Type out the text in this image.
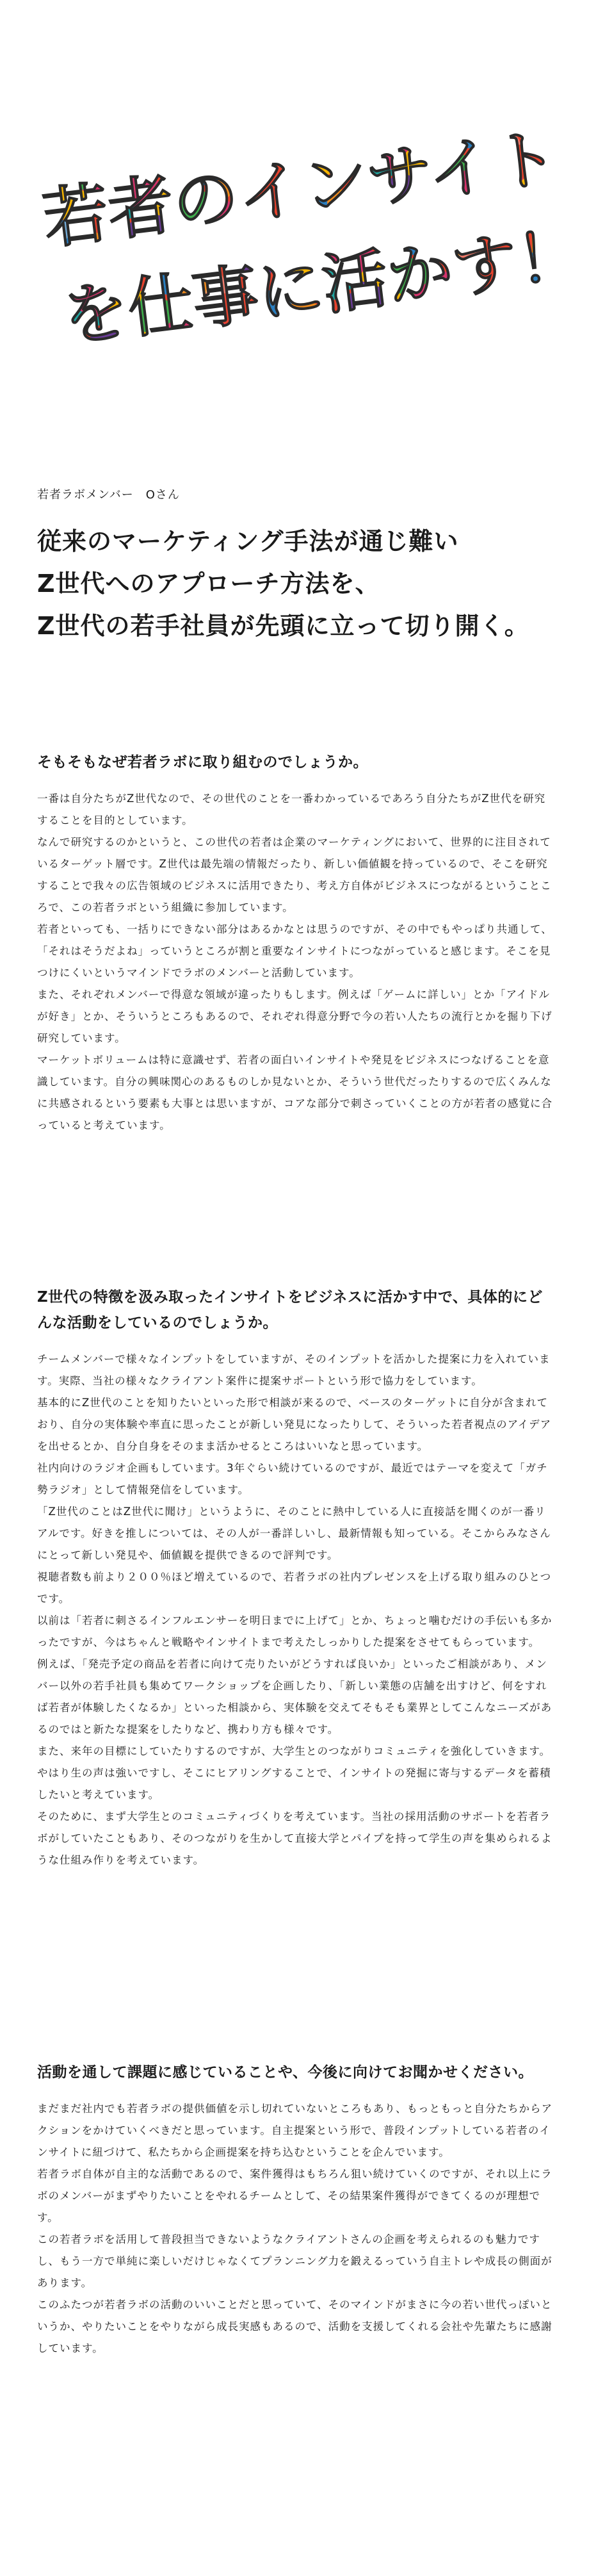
若者のインサイト
を仕事に活かす！
若者ラボメンバー　Oさん
従来のマーケティング手法が通じ難い
Z世代へのアプローチ方法を、
Z世代の若手社員が先頭に立って切り開く。
そもそもなぜ若者ラボに取り組むのでしょうか。

一番は自分たちがZ世代なので、その世代のことを一番わかっているであろう自分たちがZ世代を研究することを目的としています。

なんで研究するのかというと、この世代の若者は企業のマーケティングにおいて、世界的に注目されているターゲット層です。Z世代は最先端の情報だったり、新しい価値観を持っているので、そこを研究することで我々の広告領域のビジネスに活用できたり、考え方自体がビジネスにつながるということころで、この若者ラボという組織に参加しています。

若者といっても、一括りにできない部分はあるかなとは思うのですが、その中でもやっぱり共通して、「それはそうだよね」っていうところが割と重要なインサイトにつながっていると感じます。そこを見つけにくいというマインドでラボのメンバーと活動しています。

また、それぞれメンバーで得意な領域が違ったりもします。例えば「ゲームに詳しい」とか「アイドルが好き」とか、そういうところもあるので、それぞれ得意分野で今の若い人たちの流行とかを掘り下げ研究しています。

マーケットボリュームは特に意識せず、若者の面白いインサイトや発見をビジネスにつなげることを意識しています。自分の興味関心のあるものしか見ないとか、そういう世代だったりするので広くみんなに共感されるという要素も大事とは思いますが、コアな部分で刺さっていくことの方が若者の感覚に合っていると考えています。

Z世代の特徴を汲み取ったインサイトをビジネスに活かす中で、具体的にどんな活動をしているのでしょうか。

チームメンバーで様々なインプットをしていますが、そのインプットを活かした提案に力を入れています。実際、当社の様々なクライアント案件に提案サポートという形で協力をしています。

基本的にZ世代のことを知りたいといった形で相談が来るので、ベースのターゲットに自分が含まれており、自分の実体験や率直に思ったことが新しい発見になったりして、そういった若者視点のアイデアを出せるとか、自分自身をそのまま活かせるところはいいなと思っています。

社内向けのラジオ企画もしています。3年ぐらい続けているのですが、最近ではテーマを変えて「ガチ勢ラジオ」として情報発信をしています。

「Z世代のことはZ世代に聞け」というように、そのことに熱中している人に直接話を聞くのが一番リアルです。好きを推しについては、その人が一番詳しいし、最新情報も知っている。そこからみなさんにとって新しい発見や、価値観を提供できるので評判です。

視聴者数も前より２００％ほど増えているので、若者ラボの社内プレゼンスを上げる取り組みのひとつです。

以前は「若者に刺さるインフルエンサーを明日までに上げて」とか、ちょっと噛むだけの手伝いも多かったですが、今はちゃんと戦略やインサイトまで考えたしっかりした提案をさせてもらっています。

例えば、「発売予定の商品を若者に向けて売りたいがどうすれば良いか」といったご相談があり、メンバー以外の若手社員も集めてワークショップを企画したり、「新しい業態の店舗を出すけど、何をすれば若者が体験したくなるか」といった相談から、実体験を交えてそもそも業界としてこんなニーズがあるのではと新たな提案をしたりなど、携わり方も様々です。

また、来年の目標にしていたりするのですが、大学生とのつながりコミュニティを強化していきます。やはり生の声は強いですし、そこにヒアリングすることで、インサイトの発掘に寄与するデータを蓄積したいと考えています。

そのために、まず大学生とのコミュニティづくりを考えています。当社の採用活動のサポートを若者ラボがしていたこともあり、そのつながりを生かして直接大学とパイプを持って学生の声を集められるような仕組み作りを考えています。

活動を通して課題に感じていることや、今後に向けてお聞かせください。

まだまだ社内でも若者ラボの提供価値を示し切れていないところもあり、もっともっと自分たちからアクションをかけていくべきだと思っています。自主提案という形で、普段インプットしている若者のインサイトに紐づけて、私たちから企画提案を持ち込むということを企んでいます。

若者ラボ自体が自主的な活動であるので、案件獲得はもちろん狙い続けていくのですが、それ以上にラボのメンバーがまずやりたいことをやれるチームとして、その結果案件獲得ができてくるのが理想です。

この若者ラボを活用して普段担当できないようなクライアントさんの企画を考えられるのも魅力ですし、もう一方で単純に楽しいだけじゃなくてプランニング力を鍛えるっていう自主トレや成長の側面があります。

このふたつが若者ラボの活動のいいことだと思っていて、そのマインドがまさに今の若い世代っぽいというか、やりたいことをやりながら成長実感もあるので、活動を支援してくれる会社や先輩たちに感謝しています。
